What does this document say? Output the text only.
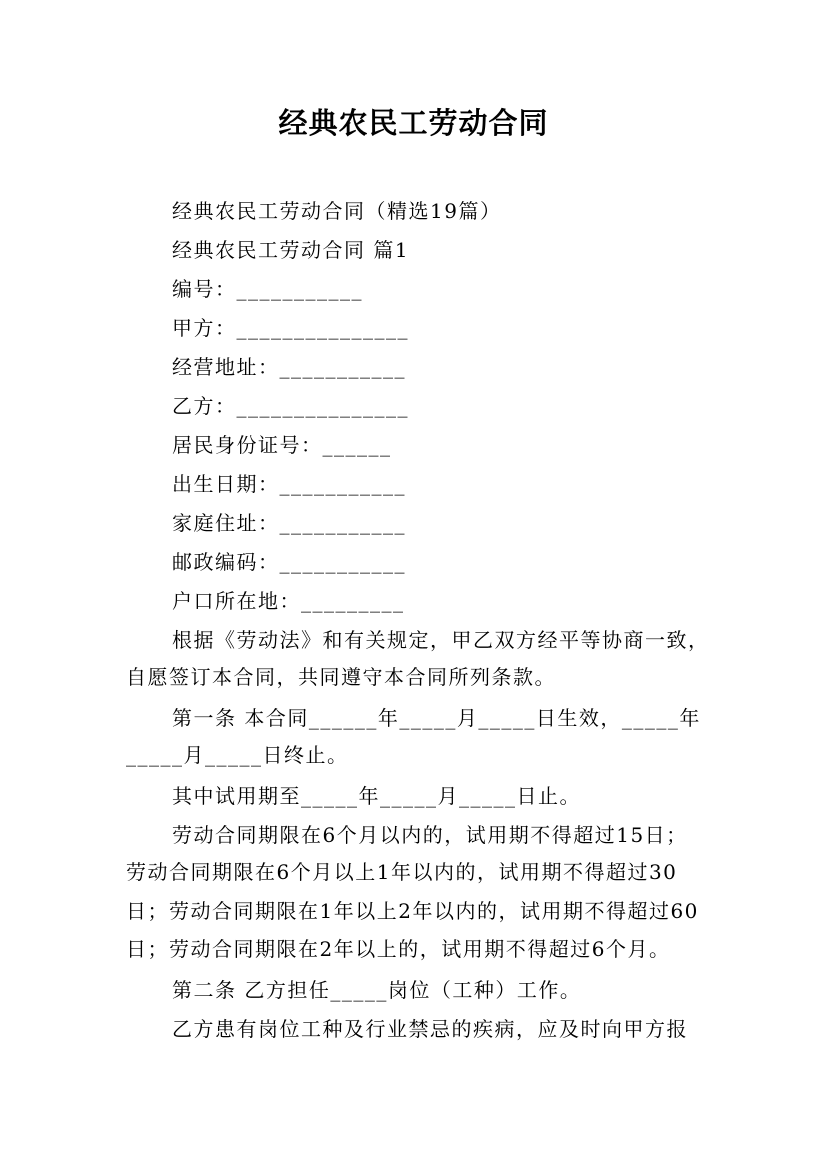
经典农民工劳动合同
经典农民工劳动合同（精选19篇）
经典农民工劳动合同 篇1
编号：___________
甲方：_______________
经营地址：___________
乙方：_______________
居民身份证号：______
出生日期：___________
家庭住址：___________
邮政编码：___________
户口所在地：_________
根据《劳动法》和有关规定，甲乙双方经平等协商一致，
自愿签订本合同，共同遵守本合同所列条款。
第一条 本合同______年_____月_____日生效，_____年
_____月_____日终止。
其中试用期至_____年_____月_____日止。
劳动合同期限在6个月以内的，试用期不得超过15日；
劳动合同期限在6个月以上1年以内的，试用期不得超过30
日；劳动合同期限在1年以上2年以内的，试用期不得超过60
日；劳动合同期限在2年以上的，试用期不得超过6个月。
第二条 乙方担任_____岗位（工种）工作。
乙方患有岗位工种及行业禁忌的疾病，应及时向甲方报
